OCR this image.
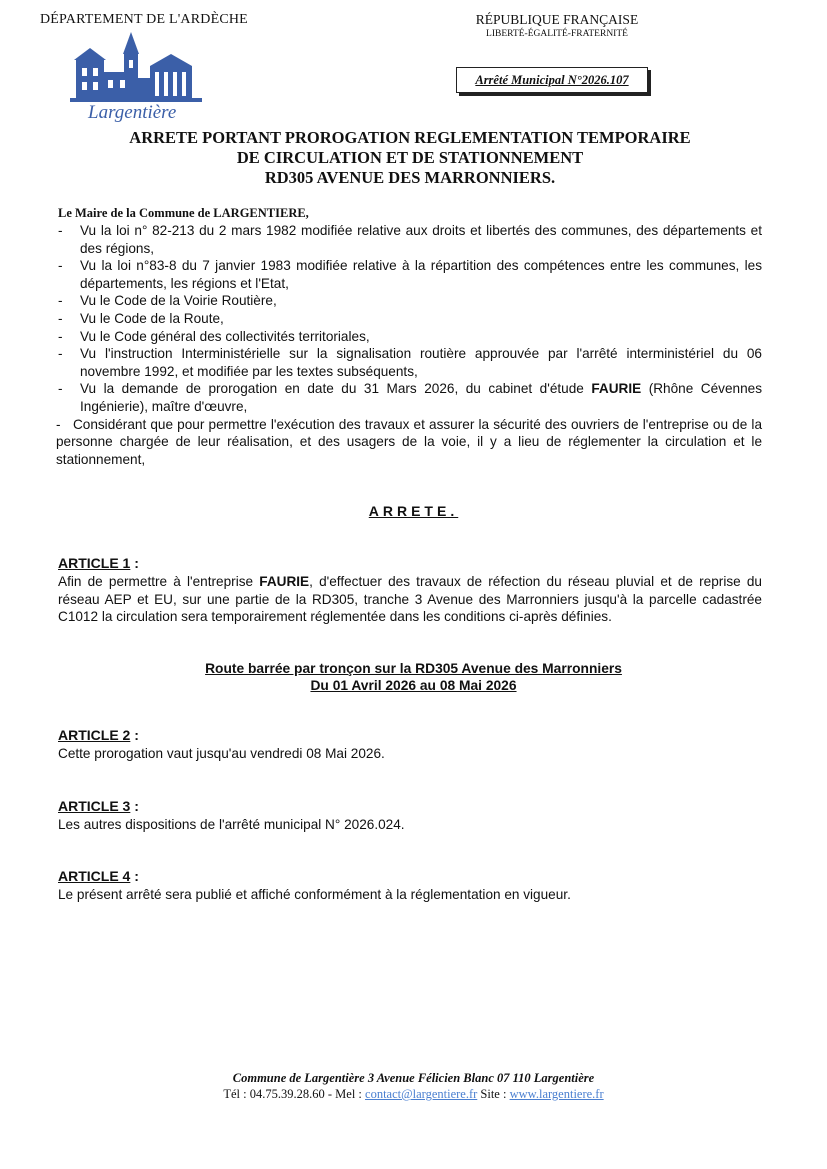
DÉPARTEMENT DE L'ARDÈCHE	RÉPUBLIQUE FRANÇAISE
LIBERTÉ-ÉGALITÉ-FRATERNITÉ
Largentière
Arrêté Municipal N°2026.107
ARRETE PORTANT PROROGATION REGLEMENTATION TEMPORAIRE
DE CIRCULATION ET DE STATIONNEMENT
RD305 AVENUE DES MARRONNIERS.
Le Maire de la Commune de LARGENTIERE,
- Vu la loi n° 82-213 du 2 mars 1982 modifiée relative aux droits et libertés des communes, des départements et des régions,
- Vu la loi n°83-8 du 7 janvier 1983 modifiée relative à la répartition des compétences entre les communes, les départements, les régions et l'Etat,
- Vu le Code de la Voirie Routière,
- Vu le Code de la Route,
- Vu le Code général des collectivités territoriales,
- Vu l'instruction Interministérielle sur la signalisation routière approuvée par l'arrêté interministériel du 06 novembre 1992, et modifiée par les textes subséquents,
- Vu la demande de prorogation en date du 31 Mars 2026, du cabinet d'étude FAURIE (Rhône Cévennes Ingénierie), maître d'œuvre,
-   Considérant que pour permettre l'exécution des travaux et assurer la sécurité des ouvriers de l'entreprise ou de la personne chargée de leur réalisation, et des usagers de la voie, il y a lieu de réglementer la circulation et le stationnement,
ARRETE.
ARTICLE 1 :
Afin de permettre à l'entreprise FAURIE, d'effectuer des travaux de réfection du réseau pluvial et de reprise du réseau AEP et EU, sur une partie de la RD305, tranche 3 Avenue des Marronniers jusqu'à la parcelle cadastrée C1012 la circulation sera temporairement réglementée dans les conditions ci-après définies.
Route barrée par tronçon sur la RD305 Avenue des Marronniers
Du 01 Avril 2026 au 08 Mai 2026
ARTICLE 2 :
Cette prorogation vaut jusqu'au vendredi 08 Mai 2026.
ARTICLE 3 :
Les autres dispositions de l'arrêté municipal N° 2026.024.
ARTICLE 4 :
Le présent arrêté sera publié et affiché conformément à la réglementation en vigueur.
Commune de Largentière 3 Avenue Félicien Blanc 07 110 Largentière
Tél : 04.75.39.28.60 - Mel : contact@largentiere.fr Site : www.largentiere.fr
